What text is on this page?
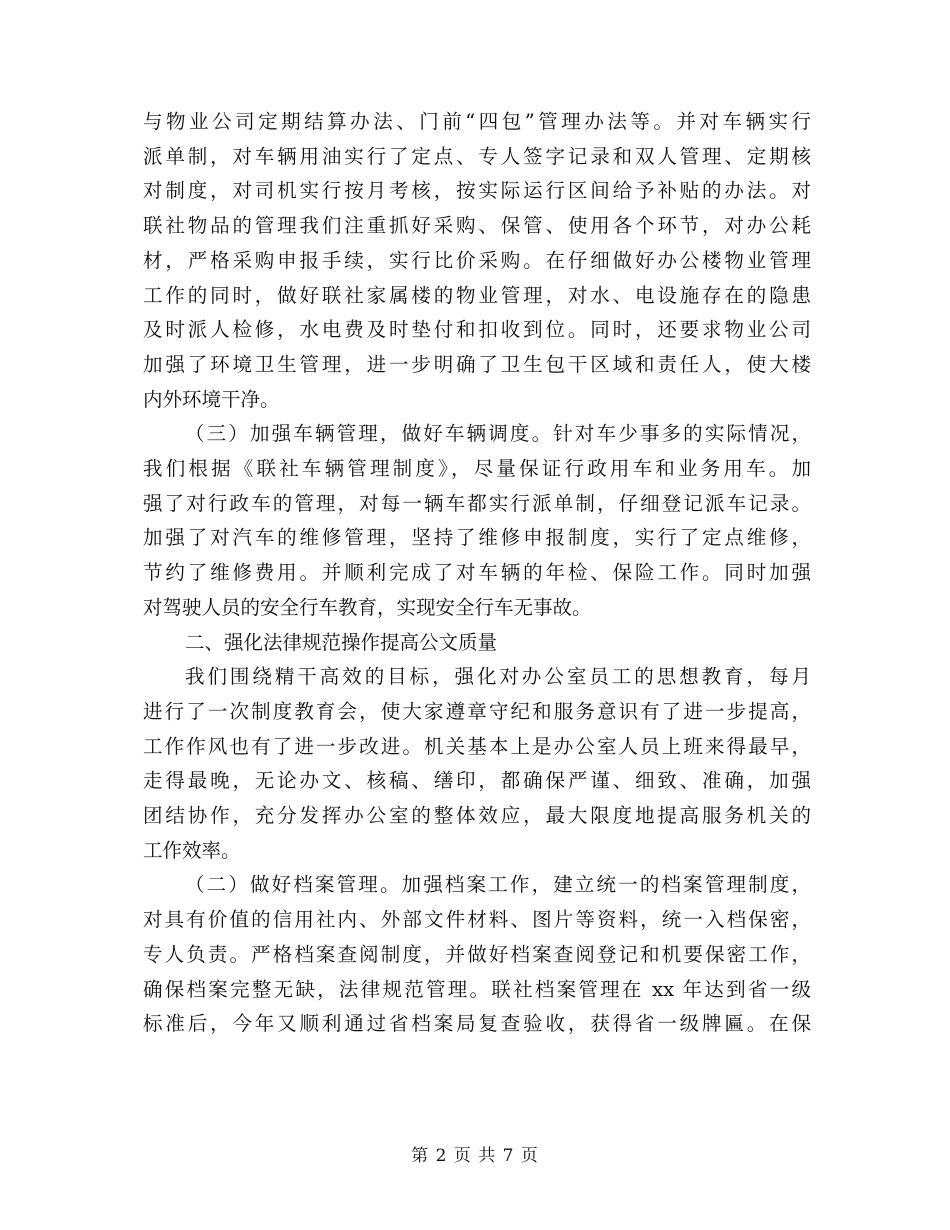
与物业公司定期结算办法、门前“四包”管理办法等。并对车辆实行
派单制，对车辆用油实行了定点、专人签字记录和双人管理、定期核
对制度，对司机实行按月考核，按实际运行区间给予补贴的办法。对
联社物品的管理我们注重抓好采购、保管、使用各个环节，对办公耗
材，严格采购申报手续，实行比价采购。在仔细做好办公楼物业管理
工作的同时，做好联社家属楼的物业管理，对水、电设施存在的隐患
及时派人检修，水电费及时垫付和扣收到位。同时，还要求物业公司
加强了环境卫生管理，进一步明确了卫生包干区域和责任人，使大楼
内外环境干净。
（三）加强车辆管理，做好车辆调度。针对车少事多的实际情况，
我们根据《联社车辆管理制度》，尽量保证行政用车和业务用车。加
强了对行政车的管理，对每一辆车都实行派单制，仔细登记派车记录。
加强了对汽车的维修管理，坚持了维修申报制度，实行了定点维修，
节约了维修费用。并顺利完成了对车辆的年检、保险工作。同时加强
对驾驶人员的安全行车教育，实现安全行车无事故。
二、强化法律规范操作提高公文质量
我们围绕精干高效的目标，强化对办公室员工的思想教育，每月
进行了一次制度教育会，使大家遵章守纪和服务意识有了进一步提高，
工作作风也有了进一步改进。机关基本上是办公室人员上班来得最早，
走得最晚，无论办文、核稿、缮印，都确保严谨、细致、准确，加强
团结协作，充分发挥办公室的整体效应，最大限度地提高服务机关的
工作效率。
（二）做好档案管理。加强档案工作，建立统一的档案管理制度，
对具有价值的信用社内、外部文件材料、图片等资料，统一入档保密，
专人负责。严格档案查阅制度，并做好档案查阅登记和机要保密工作，
确保档案完整无缺，法律规范管理。联社档案管理在 xx 年达到省一级
标准后，今年又顺利通过省档案局复查验收，获得省一级牌匾。在保
第 2 页 共 7 页
